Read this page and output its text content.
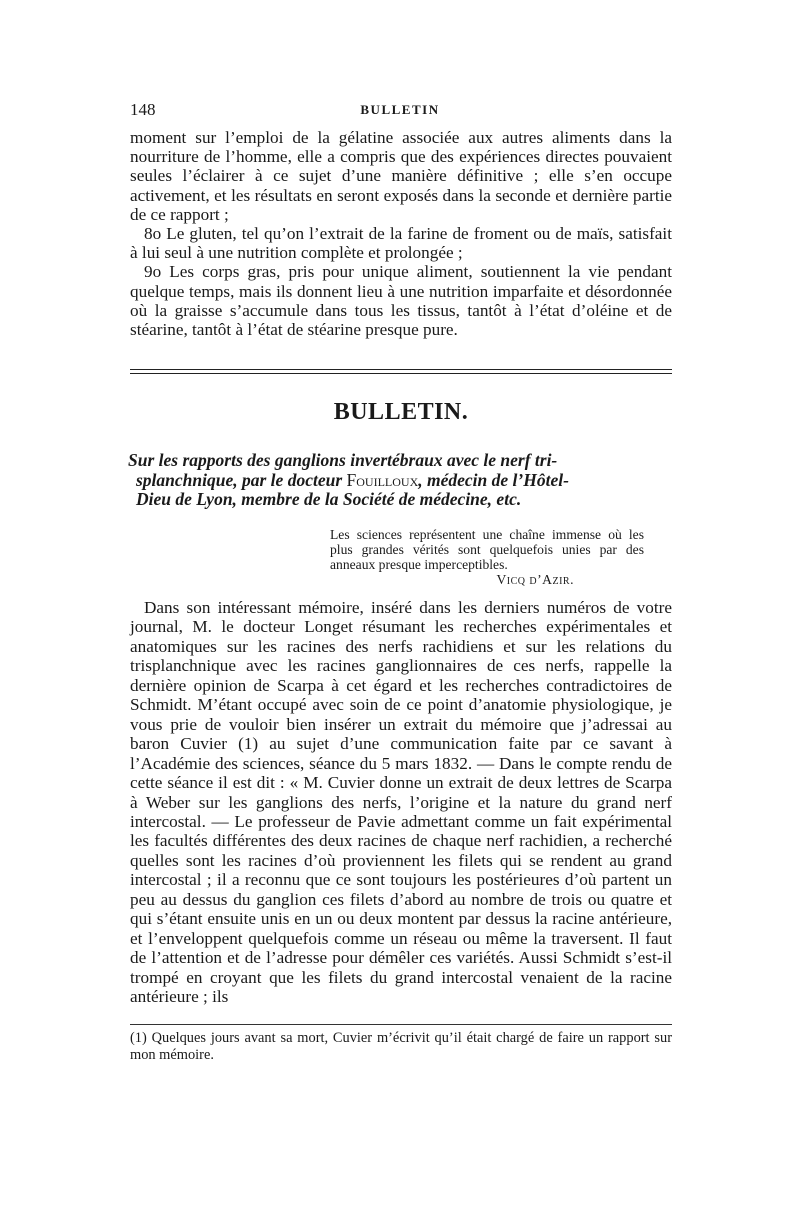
148	BULLETIN

moment sur l’emploi de la gélatine associée aux autres aliments dans la nourriture de l’homme, elle a compris que des expériences directes pouvaient seules l’éclairer à ce sujet d’une manière définitive ; elle s’en occupe activement, et les résultats en seront exposés dans la seconde et dernière partie de ce rapport ;

8o Le gluten, tel qu’on l’extrait de la farine de froment ou de maïs, satisfait à lui seul à une nutrition complète et prolongée ;

9o Les corps gras, pris pour unique aliment, soutiennent la vie pendant quelque temps, mais ils donnent lieu à une nutrition imparfaite et désordonnée où la graisse s’accumule dans tous les tissus, tantôt à l’état d’oléine et de stéarine, tantôt à l’état de stéarine presque pure.

BULLETIN.
Sur les rapports des ganglions invertébraux avec le nerf tri-
splanchnique, par le docteur Fouilloux, médecin de l’Hôtel-
Dieu de Lyon, membre de la Société de médecine, etc.
Les sciences représentent une chaîne immense où les plus grandes vérités sont quelquefois unies par des anneaux presque imperceptibles.
Vicq d’Azir.

Dans son intéressant mémoire, inséré dans les derniers numéros de votre journal, M. le docteur Longet résumant les recherches expérimentales et anatomiques sur les racines des nerfs rachidiens et sur les relations du trisplanchnique avec les racines ganglionnaires de ces nerfs, rappelle la dernière opinion de Scarpa à cet égard et les recherches contradictoires de Schmidt. M’étant occupé avec soin de ce point d’anatomie physiologique, je vous prie de vouloir bien insérer un extrait du mémoire que j’adressai au baron Cuvier (1) au sujet d’une communication faite par ce savant à l’Académie des sciences, séance du 5 mars 1832. — Dans le compte rendu de cette séance il est dit : « M. Cuvier donne un extrait de deux lettres de Scarpa à Weber sur les ganglions des nerfs, l’origine et la nature du grand nerf intercostal. — Le professeur de Pavie admettant comme un fait expérimental les facultés différentes des deux racines de chaque nerf rachidien, a recherché quelles sont les racines d’où proviennent les filets qui se rendent au grand intercostal ; il a reconnu que ce sont toujours les postérieures d’où partent un peu au dessus du ganglion ces filets d’abord au nombre de trois ou quatre et qui s’étant ensuite unis en un ou deux montent par dessus la racine antérieure, et l’enveloppent quelquefois comme un réseau ou même la traversent. Il faut de l’attention et de l’adresse pour démêler ces variétés. Aussi Schmidt s’est-il trompé en croyant que les filets du grand intercostal venaient de la racine antérieure ; ils

(1) Quelques jours avant sa mort, Cuvier m’écrivit qu’il était chargé de faire un rapport sur mon mémoire.
